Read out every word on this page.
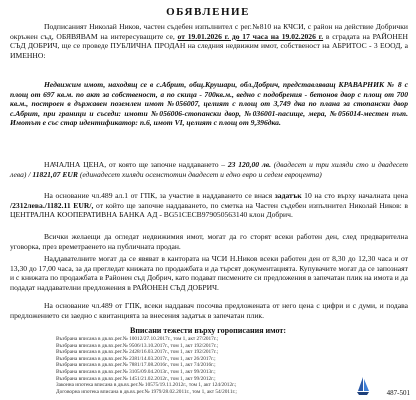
ОБЯВЛЕНИЕ

Подписаният Николай Ников, частен съдебен изпълнител с рег.№810 на КЧСИ, с район на действие Добрички окръжен съд, ОБЯВЯВАМ на интересуващите се, от 19.01.2026 г. до 17 часа на 19.02.2026 г. в сградата на РАЙОНЕН СЪД ДОБРИЧ, ще се проведе ПУБЛИЧНА ПРОДАН на следния недвижим имот, собственост на АБРИТОС - 3 ЕООД, а ИМЕННО:

Недвижим имот, находящ се в с.Абрит, общ.Крушари, обл.Добрич, представляващ КРАВАРНИК № 8 с площ от 697 кв.м. по акт за собственост, а по скица - 700кв.м., ведно с подобрения - бетонов двор с площ от 700 кв.м., построен в държавен поземлен имот №056007, целият с площ от 3,749 дка по плана за стопански двор с.Абрит, при граници и съседи: имоти №056006-стопански двор, №036001-пасище, мера, №056014-местен път. Имотът е със стар идентификатор: п.6, имот VI, целият с площ от 9,396дка.

НАЧАЛНА ЦЕНА, от която ще започне наддаването – 23 120,00 лв. (двадесет и три хиляди сто и двадесет лева) / 11821,07 EUR (единадесет хиляди осемстотин двадесет и едно евро и седем евроцента)

На основание чл.489 ал.1 от ГПК, за участие в наддаването се внася задатък 10 на сто върху началната цена /2312лева./1182.11 EUR/, от който ще започне наддаването, по сметка на Частен съдебен изпълнител Николай Ников: в ЦЕНТРАЛНА КООПЕРАТИВНА БАНКА АД - BG51CECB979050563140 клон Добрич.

Всички желаещи да огледат недвижимия имот, могат да го сторят всеки работен ден, след предварителна уговорка, през времетраенето на публичната продан.

Наддавателните могат да се явяват в кантората на ЧСИ Н.Ников всеки работен ден от 8,30 до 12,30 часа и от 13,30 до 17,00 часа, за да прегледат книжата по продажбата и да търсят документацията. Купувачите могат да се запознаят и с книжата по продажбата в Районен съд Добрич, като подават писмените си предложения в запечатан плик на имота и да подадат наддавателни предложения в РАЙОНЕН СЪД ДОБРИЧ.

На основание чл.489 от ГПК, всеки наддавач посочва предложената от него цена с цифри и с думи, и подава предложението си заедно с квитанцията за внесения задатък в запечатан плик.

Вписани тежести върху горописания имот:
Възбрана вписана в дв.вх.рег.№ 10012/27.10.2017г., том 1, акт 27/2017г.;
Възбрана вписана в дв.вх.рег.№ 9506/13.10.2017г., том 1, акт 192/2017г.;
Възбрана вписана в дв.вх.рег.№ 2428/16.03.2017г., том 1, акт 192/2017г.;
Възбрана вписана в дв.вх.рег.№ 2381/14.03.2017г., том 1, акт 26/2017г.;
Възбрана вписана в дв.вх.рег.№ 7881/17.08.2016г., том 1, акт 74/2016г.;
Възбрана вписана в дв.вх.рег.№ 3105/09.04.2013г., том 1, акт 99/2013г.;
Възбрана вписана в дв.вх.рег.№ 1451/21.02.2012г., том 1, акт 99/2012г.;
Законна ипотека вписана в дв.вх.рег.№ 10575/19.11.2012г., том 1, акт 124/2012г.;
Договорна ипотека вписана в дв.вх.рег.№ 1979/28.02.2011г., том 1, акт 54/2011г.;	487-501
